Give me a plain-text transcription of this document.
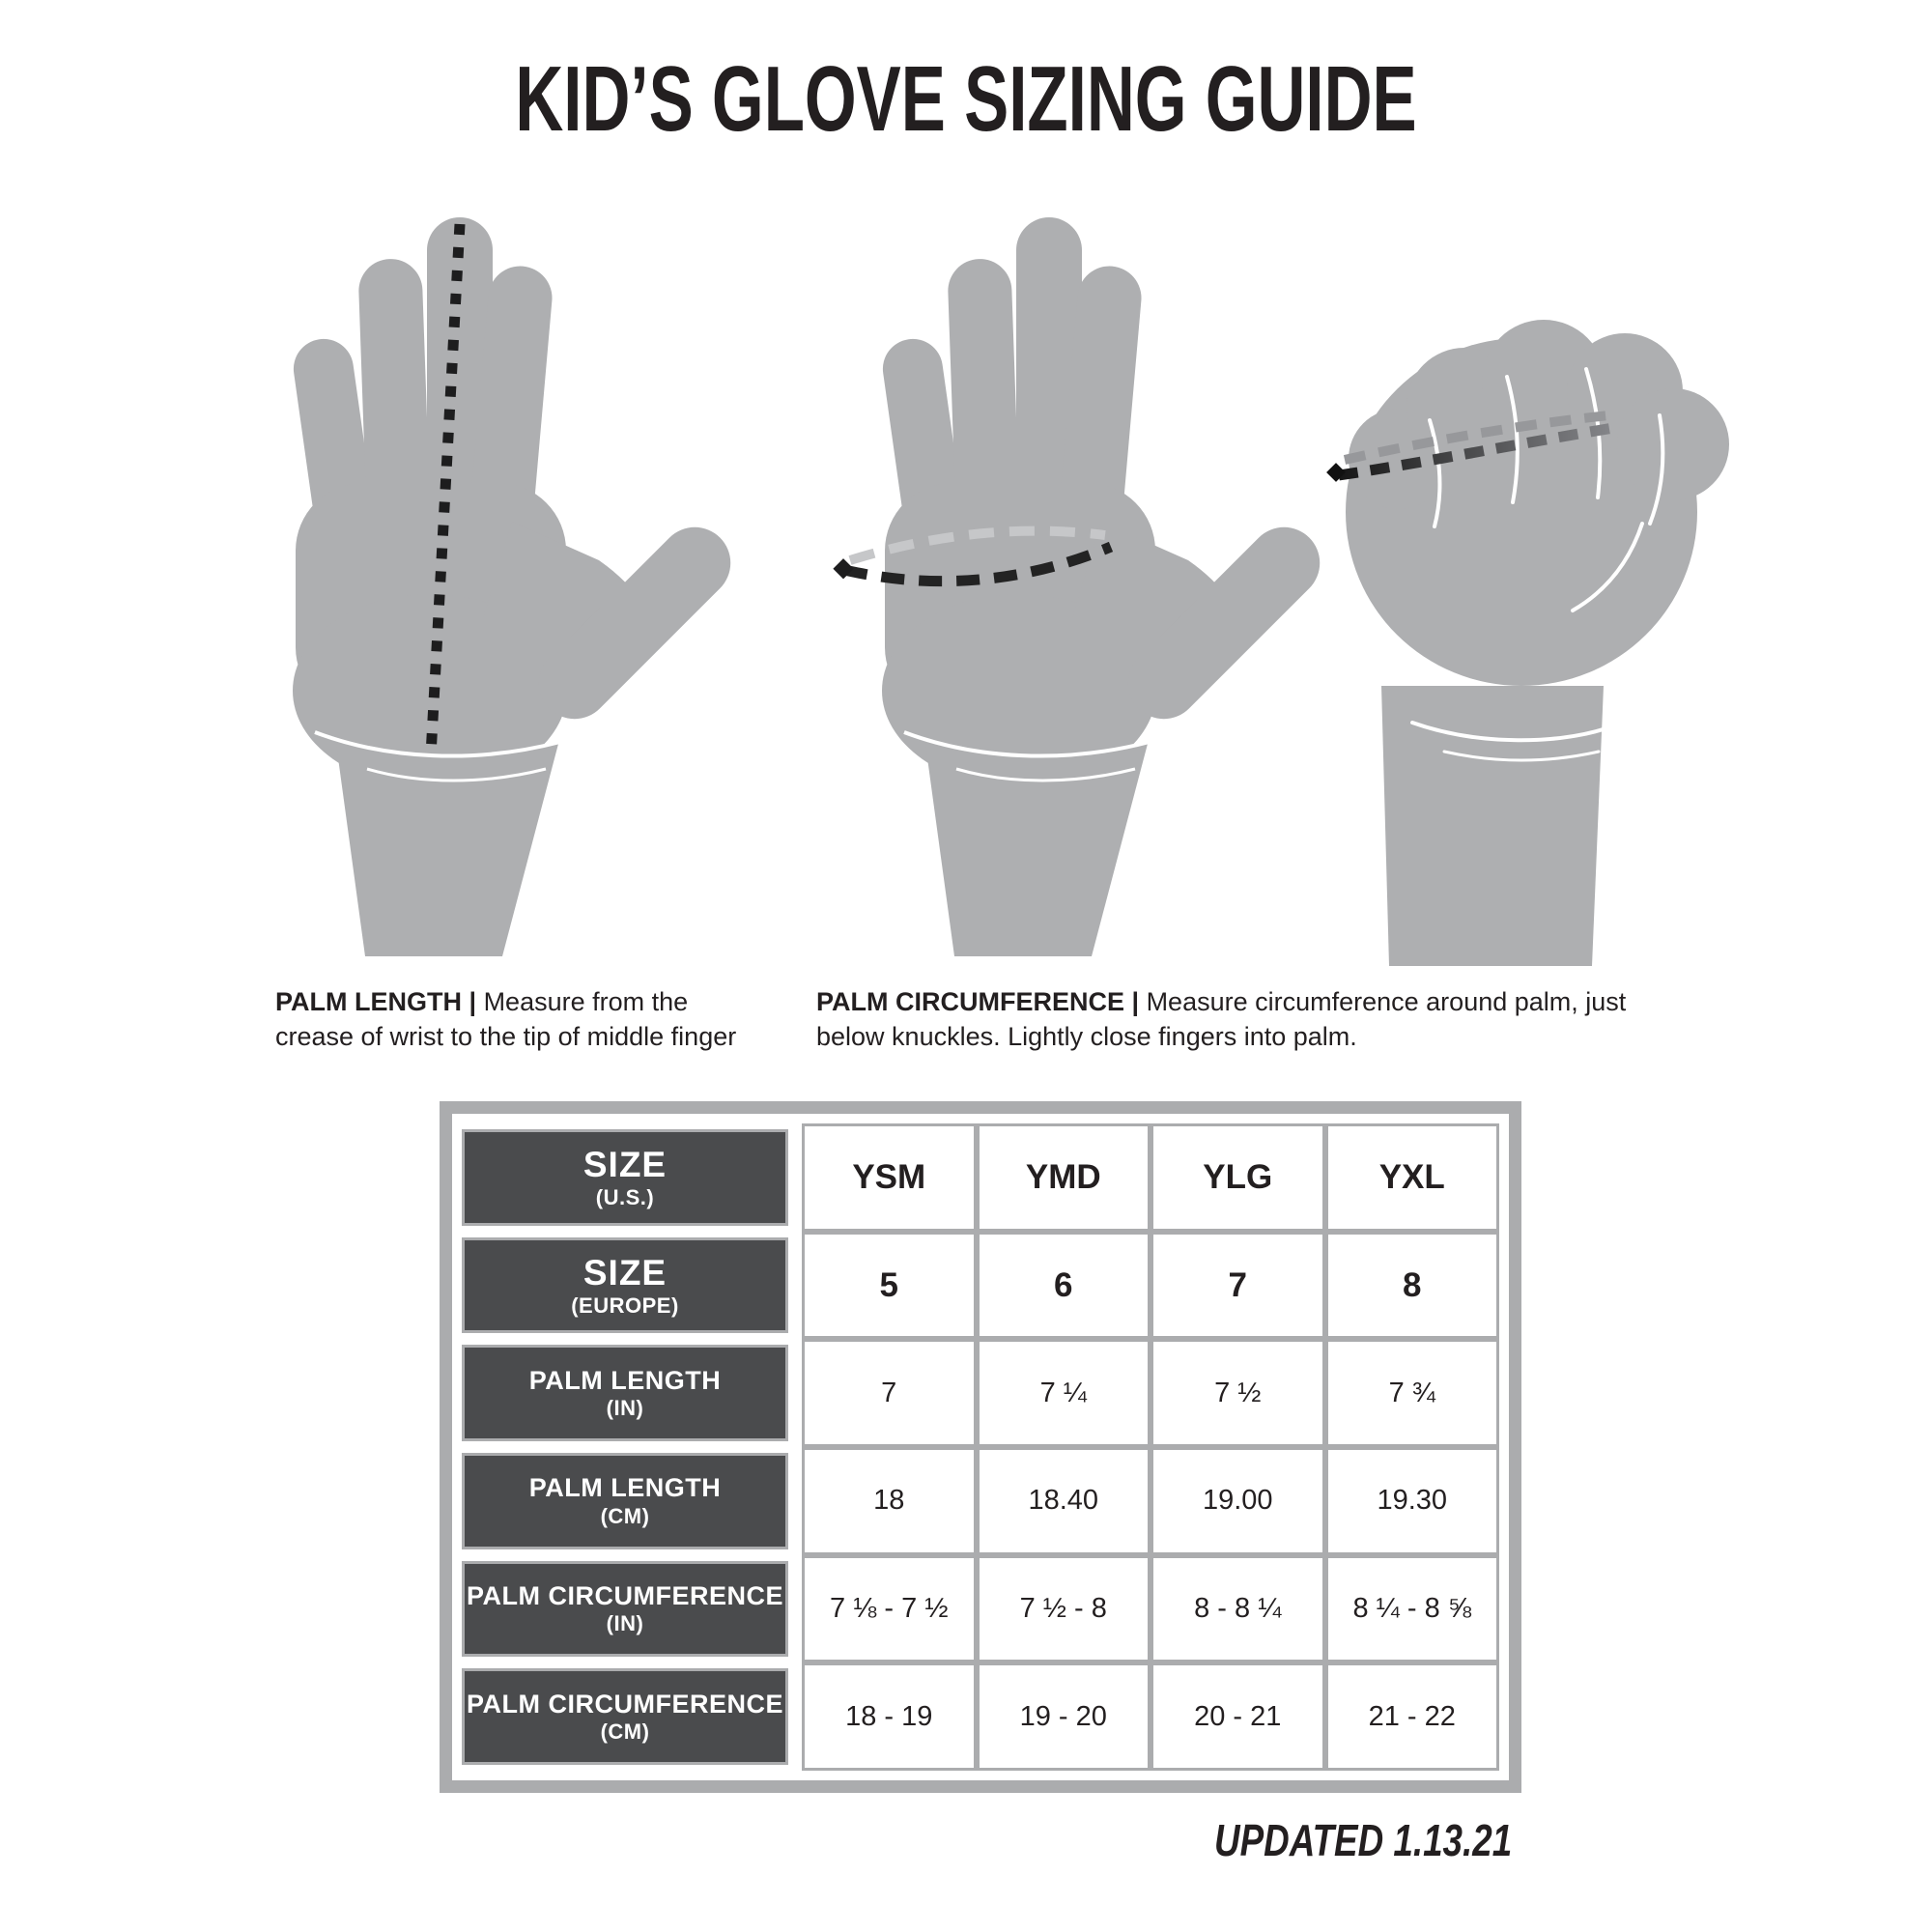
KID’S GLOVE SIZING GUIDE
PALM LENGTH | Measure from the crease of wrist to the tip of middle finger
PALM CIRCUMFERENCE | Measure circumference around palm, just below knuckles. Lightly close fingers into palm.
SIZE
(U.S.)
YSM	YMD	YLG	YXL
SIZE
(EUROPE)
5	6	7	8
PALM LENGTH
(IN)	7	7 ¼	7 ½	7 ¾
PALM LENGTH
(CM)	18	18.40	19.00	19.30
PALM CIRCUMFERENCE
(IN)	7 ⅛ - 7 ½	7 ½ - 8	8 - 8 ¼	8 ¼ - 8 ⅝
PALM CIRCUMFERENCE
(CM)	18 - 19	19 - 20	20 - 21	21 - 22
UPDATED 1.13.21
